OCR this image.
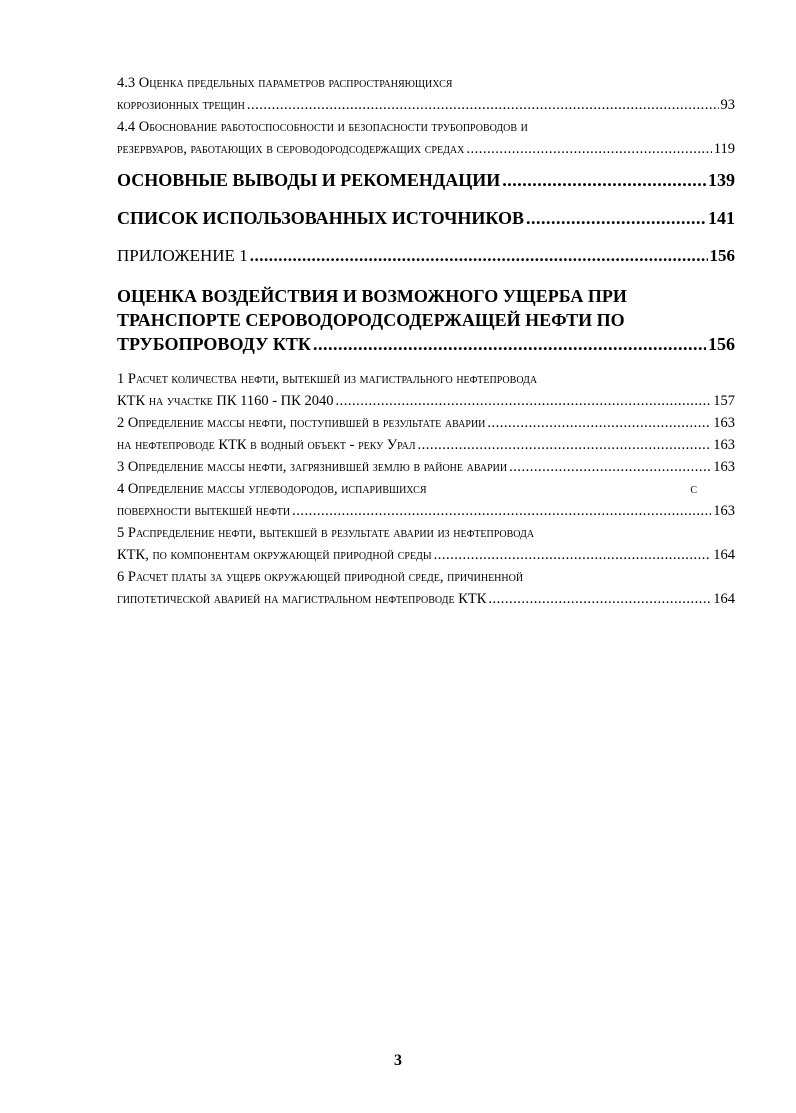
4.3 Оценка предельных параметров распространяющихся
коррозионных трещин .....	93
4.4 Обоснование работоспособности и безопасности трубопроводов и
резервуаров, работающих в сероводородсодержащих средах .....	119
ОСНОВНЫЕ ВЫВОДЫ И РЕКОМЕНДАЦИИ .....	139
СПИСОК ИСПОЛЬЗОВАННЫХ ИСТОЧНИКОВ .....	141
ПРИЛОЖЕНИЕ 1 .....	156
ОЦЕНКА ВОЗДЕЙСТВИЯ И ВОЗМОЖНОГО УЩЕРБА ПРИ
ТРАНСПОРТЕ СЕРОВОДОРОДСОДЕРЖАЩЕЙ НЕФТИ ПО
ТРУБОПРОВОДУ КТК .....	156
1 Расчет количества нефти, вытекшей из магистрального нефтепровода
КТК на участке ПК 1160 - ПК 2040 .....	157
2 Определение массы нефти, поступившей в результате аварии .....	163
на нефтепроводе КТК в водный объект - реку Урал .....	163
3 Определение массы нефти, загрязнившей землю в районе аварии .....	163
4 Определение массы углеводородов, испарившихся	с
поверхности вытекшей нефти .....	163
5 Распределение нефти, вытекшей в результате аварии из нефтепровода
КТК, по компонентам окружающей природной среды .....	164
6 Расчет платы за ущерб окружающей природной среде, причиненной
гипотетической аварией на магистральном нефтепроводе КТК .....	164
3
